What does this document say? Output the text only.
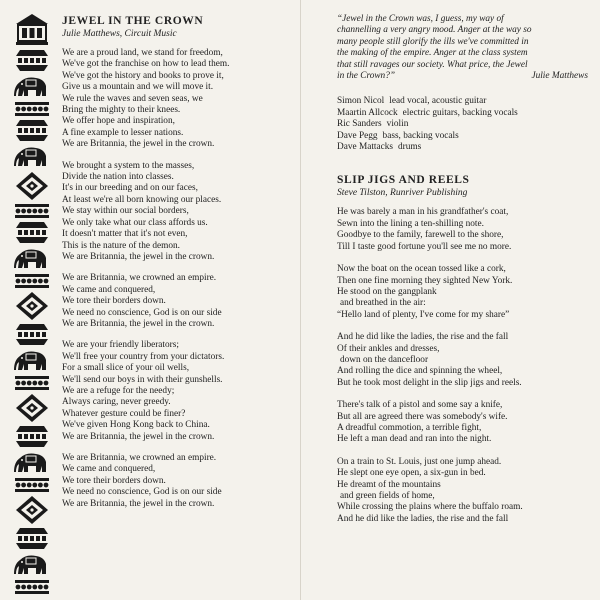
JEWEL IN THE CROWN
Julie Matthews, Circuit Music
We are a proud land, we stand for freedom,
We've got the franchise on how to lead them.
We've got the history and books to prove it,
Give us a mountain and we will move it.
We rule the waves and seven seas, we
Bring the mighty to their knees.
We offer hope and inspiration,
A fine example to lesser nations.
We are Britannia, the jewel in the crown.
We brought a system to the masses,
Divide the nation into classes.
It's in our breeding and on our faces,
At least we're all born knowing our places.
We stay within our social borders,
We only take what our class affords us.
It doesn't matter that it's not even,
This is the nature of the demon.
We are Britannia, the jewel in the crown.
We are Britannia, we crowned an empire.
We came and conquered,
We tore their borders down.
We need no conscience, God is on our side
We are Britannia, the jewel in the crown.
We are your friendly liberators;
We'll free your country from your dictators.
For a small slice of your oil wells,
We'll send our boys in with their gunshells.
We are a refuge for the needy;
Always caring, never greedy.
Whatever gesture could be finer?
We've given Hong Kong back to China.
We are Britannia, the jewel in the crown.
We are Britannia, we crowned an empire.
We came and conquered,
We tore their borders down.
We need no conscience, God is on our side
We are Britannia, the jewel in the crown.
“Jewel in the Crown was, I guess, my way of
channelling a very angry mood. Anger at the way so
many people still glorify the ills we've committed in
the making of the empire. Anger at the class system
that still ravages our society. What price, the Jewel
in the Crown?”	Julie Matthews
Simon Nicol lead vocal, acoustic guitar
Maartin Allcock electric guitars, backing vocals
Ric Sanders violin
Dave Pegg bass, backing vocals
Dave Mattacks drums
SLIP JIGS AND REELS
Steve Tilston, Runriver Publishing
He was barely a man in his grandfather's coat,
Sewn into the lining a ten-shilling note.
Goodbye to the family, farewell to the shore,
Till I taste good fortune you'll see me no more.
Now the boat on the ocean tossed like a cork,
Then one fine morning they sighted New York.
He stood on the gangplank
and breathed in the air:
“Hello land of plenty, I've come for my share”
And he did like the ladies, the rise and the fall
Of their ankles and dresses,
down on the dancefloor
And rolling the dice and spinning the wheel,
But he took most delight in the slip jigs and reels.
There's talk of a pistol and some say a knife,
But all are agreed there was somebody's wife.
A dreadful commotion, a terrible fight,
He left a man dead and ran into the night.
On a train to St. Louis, just one jump ahead.
He slept one eye open, a six-gun in bed.
He dreamt of the mountains
and green fields of home,
While crossing the plains where the buffalo roam.
And he did like the ladies, the rise and the fall
